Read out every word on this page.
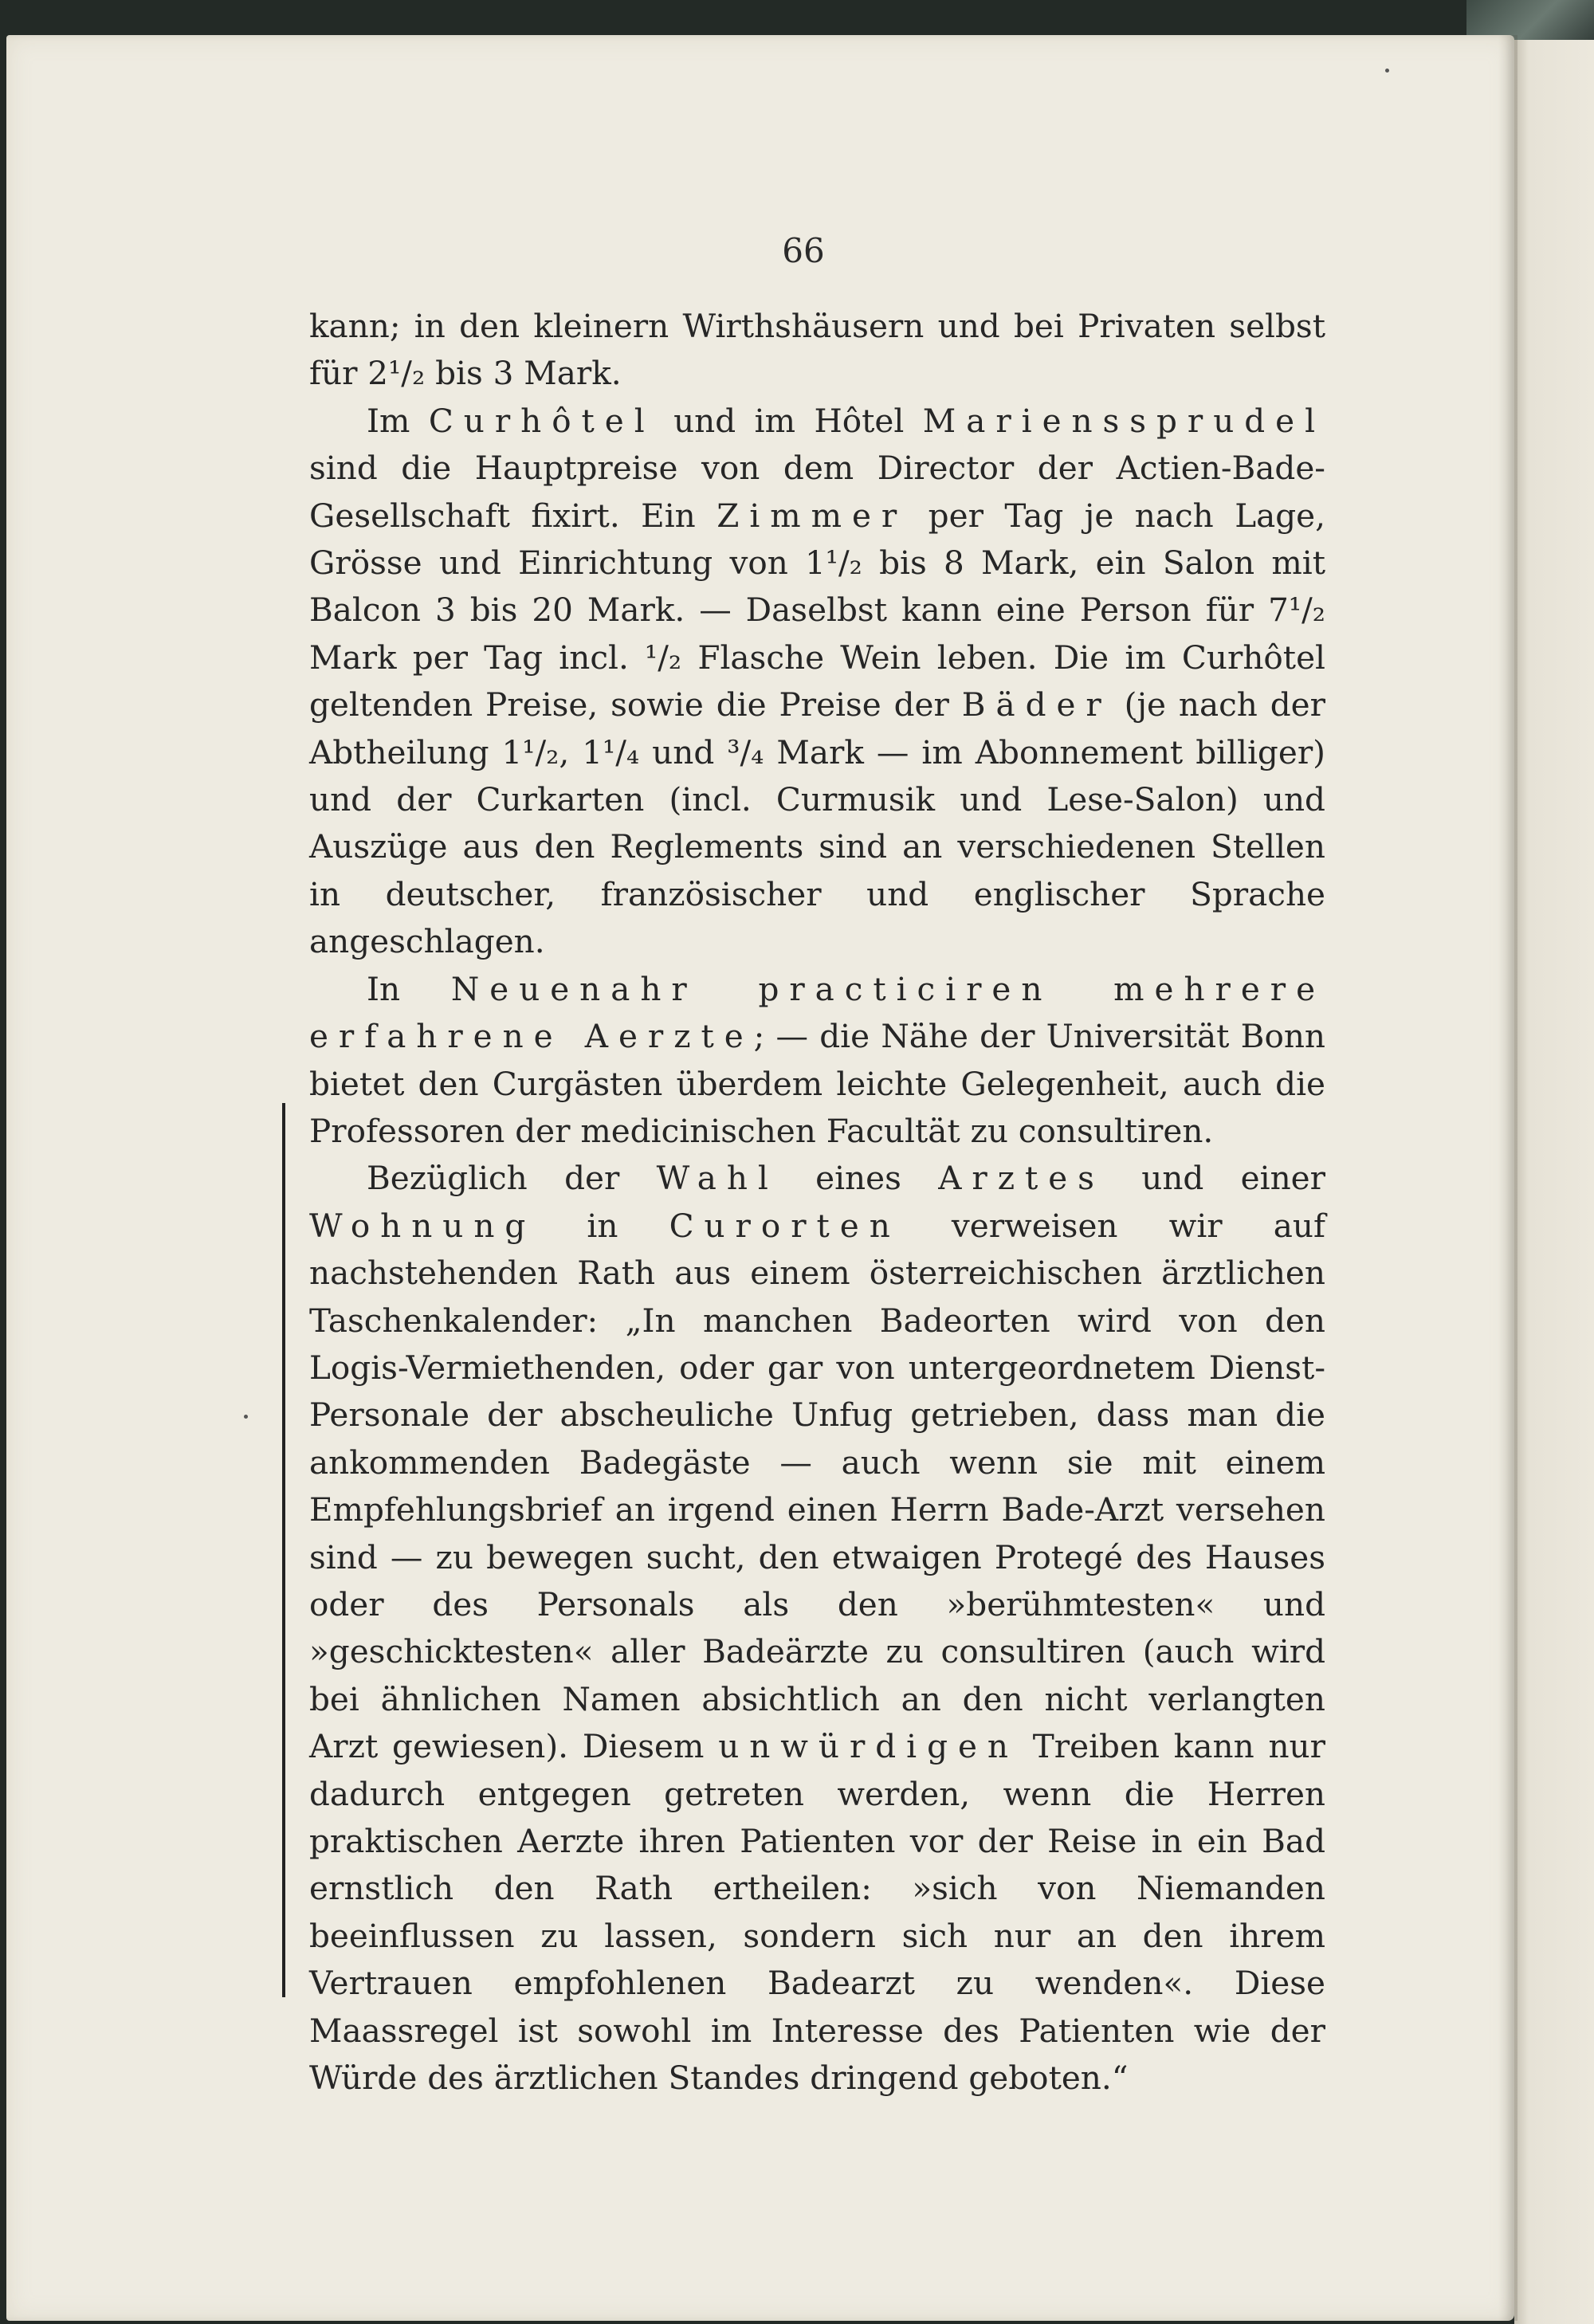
66

kann; in den kleinern Wirthshäusern und bei Privaten selbst für 2¹/₂ bis 3 Mark.

Im Curhôtel und im Hôtel Marienssprudel sind die Hauptpreise von dem Director der Actien-Bade-Gesellschaft fixirt. Ein Zimmer per Tag je nach Lage, Grösse und Einrichtung von 1¹/₂ bis 8 Mark, ein Salon mit Balcon 3 bis 20 Mark. — Daselbst kann eine Person für 7¹/₂ Mark per Tag incl. ¹/₂ Flasche Wein leben. Die im Curhôtel geltenden Preise, sowie die Preise der Bäder (je nach der Abtheilung 1¹/₂, 1¹/₄ und ³/₄ Mark — im Abonnement billiger) und der Curkarten (incl. Curmusik und Lese-Salon) und Auszüge aus den Reglements sind an verschiedenen Stellen in deutscher, französischer und englischer Sprache angeschlagen.

In Neuenahr practiciren mehrere erfahrene Aerzte; — die Nähe der Universität Bonn bietet den Curgästen überdem leichte Gelegenheit, auch die Professoren der medicinischen Facultät zu consultiren.

Bezüglich der Wahl eines Arztes und einer Wohnung in Curorten verweisen wir auf nachstehenden Rath aus einem österreichischen ärztlichen Taschenkalender: „In manchen Badeorten wird von den Logis-Vermiethenden, oder gar von untergeordnetem Dienst-Personale der abscheuliche Unfug getrieben, dass man die ankommenden Badegäste — auch wenn sie mit einem Empfehlungsbrief an irgend einen Herrn Bade-Arzt versehen sind — zu bewegen sucht, den etwaigen Protegé des Hauses oder des Personals als den »berühmtesten« und »geschicktesten« aller Badeärzte zu consultiren (auch wird bei ähnlichen Namen absichtlich an den nicht verlangten Arzt gewiesen). Diesem unwürdigen Treiben kann nur dadurch entgegen getreten werden, wenn die Herren praktischen Aerzte ihren Patienten vor der Reise in ein Bad ernstlich den Rath ertheilen: »sich von Niemanden beeinflussen zu lassen, sondern sich nur an den ihrem Vertrauen empfohlenen Badearzt zu wenden«. Diese Maassregel ist sowohl im Interesse des Patienten wie der Würde des ärztlichen Standes dringend geboten.“
